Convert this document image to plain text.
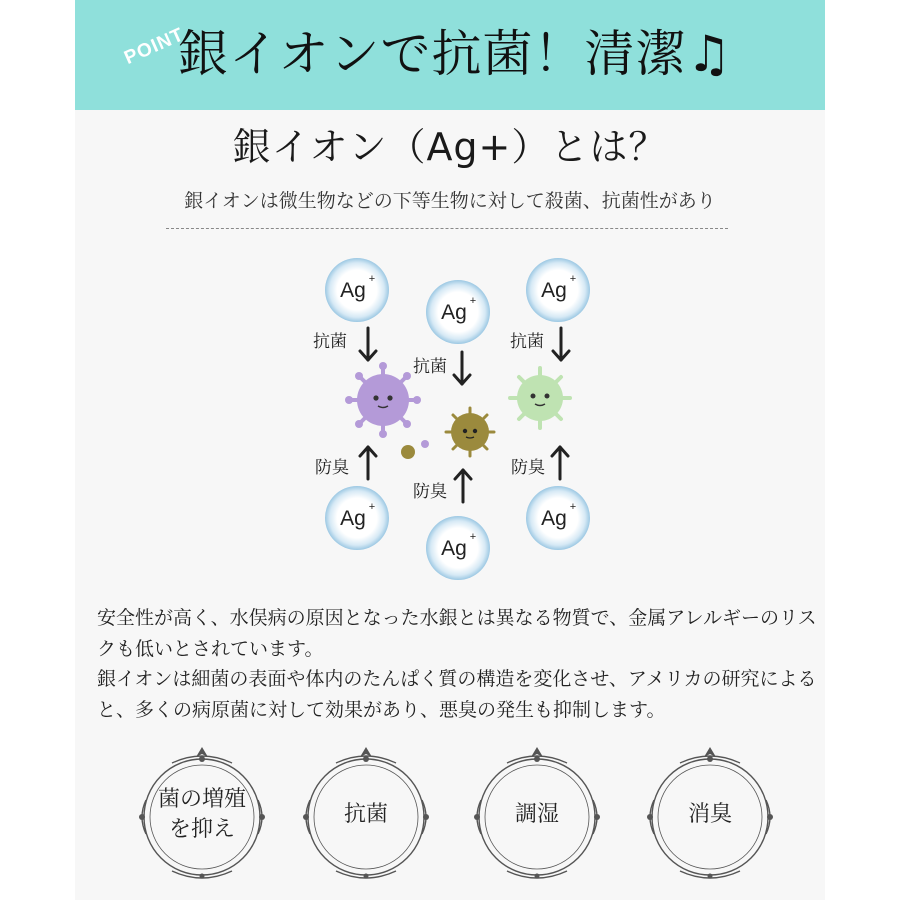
POINT
銀イオンで抗菌！清潔♫
銀イオン（Ag+）とは？
銀イオンは微生物などの下等生物に対して殺菌、抗菌性があり
Ag +
Ag +	Ag +
Ag +
Ag +
Ag +
抗菌
抗菌
抗菌
防臭
防臭
防臭
安全性が高く、水俣病の原因となった水銀とは異なる物質で、金属アレルギーのリスクも低いとされています。
銀イオンは細菌の表面や体内のたんぱく質の構造を変化させ、アメリカの研究によると、多くの病原菌に対して効果があり、悪臭の発生も抑制します。
菌の増殖
を抑え
抗菌	調湿	消臭
